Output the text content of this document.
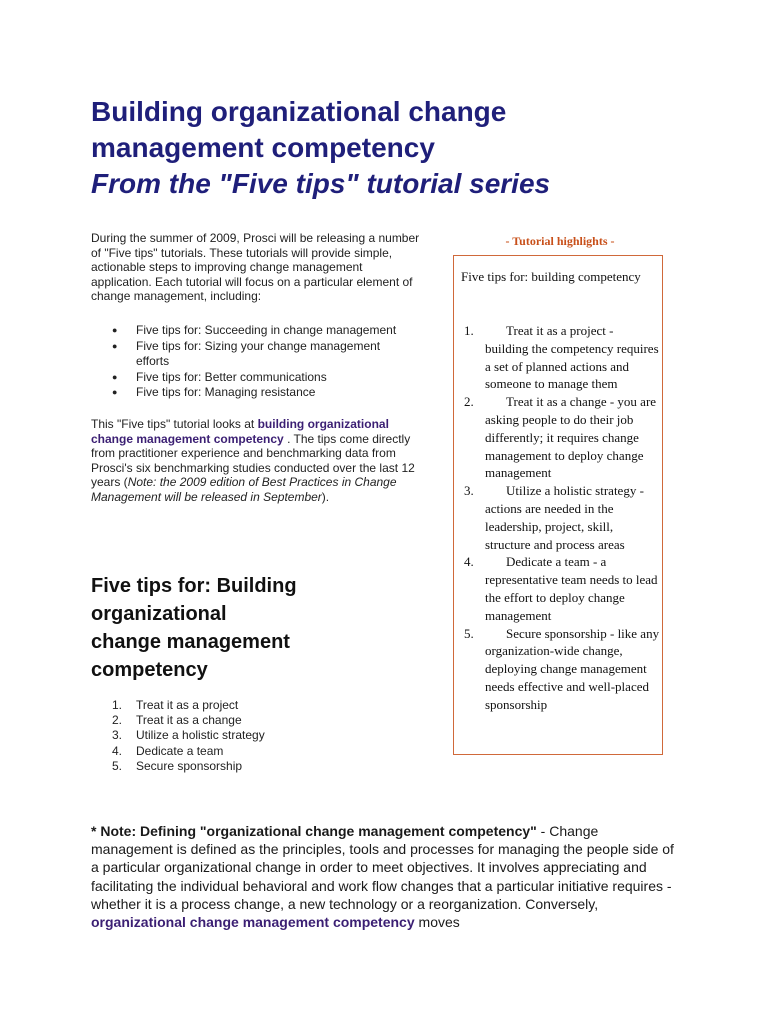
Building organizational change
management competency
From the "Five tips" tutorial series

During the summer of 2009, Prosci will be releasing a number of "Five tips" tutorials. These tutorials will provide simple, actionable steps to improving change management application. Each tutorial will focus on a particular element of change management, including:

● Five tips for: Succeeding in change management
● Five tips for: Sizing your change management efforts
● Five tips for: Better communications
● Five tips for: Managing resistance

This "Five tips" tutorial looks at building organizational change management competency . The tips come directly from practitioner experience and benchmarking data from Prosci's six benchmarking studies conducted over the last 12 years (Note: the 2009 edition of Best Practices in Change Management will be released in September).

Five tips for: Building
organizational
change management
competency
1. Treat it as a project
2. Treat it as a change
3. Utilize a holistic strategy
4. Dedicate a team
5. Secure sponsorship
- Tutorial highlights -

Five tips for: building competency

1. Treat it as a project - building the competency requires a set of planned actions and someone to manage them
2. Treat it as a change - you are asking people to do their job differently; it requires change management to deploy change management
3. Utilize a holistic strategy - actions are needed in the leadership, project, skill, structure and process areas
4. Dedicate a team - a representative team needs to lead the effort to deploy change management
5. Secure sponsorship - like any organization-wide change, deploying change management needs effective and well-placed sponsorship

* Note: Defining "organizational change management competency" - Change management is defined as the principles, tools and processes for managing the people side of a particular organizational change in order to meet objectives. It involves appreciating and facilitating the individual behavioral and work flow changes that a particular initiative requires - whether it is a process change, a new technology or a reorganization. Conversely, organizational change management competency moves
